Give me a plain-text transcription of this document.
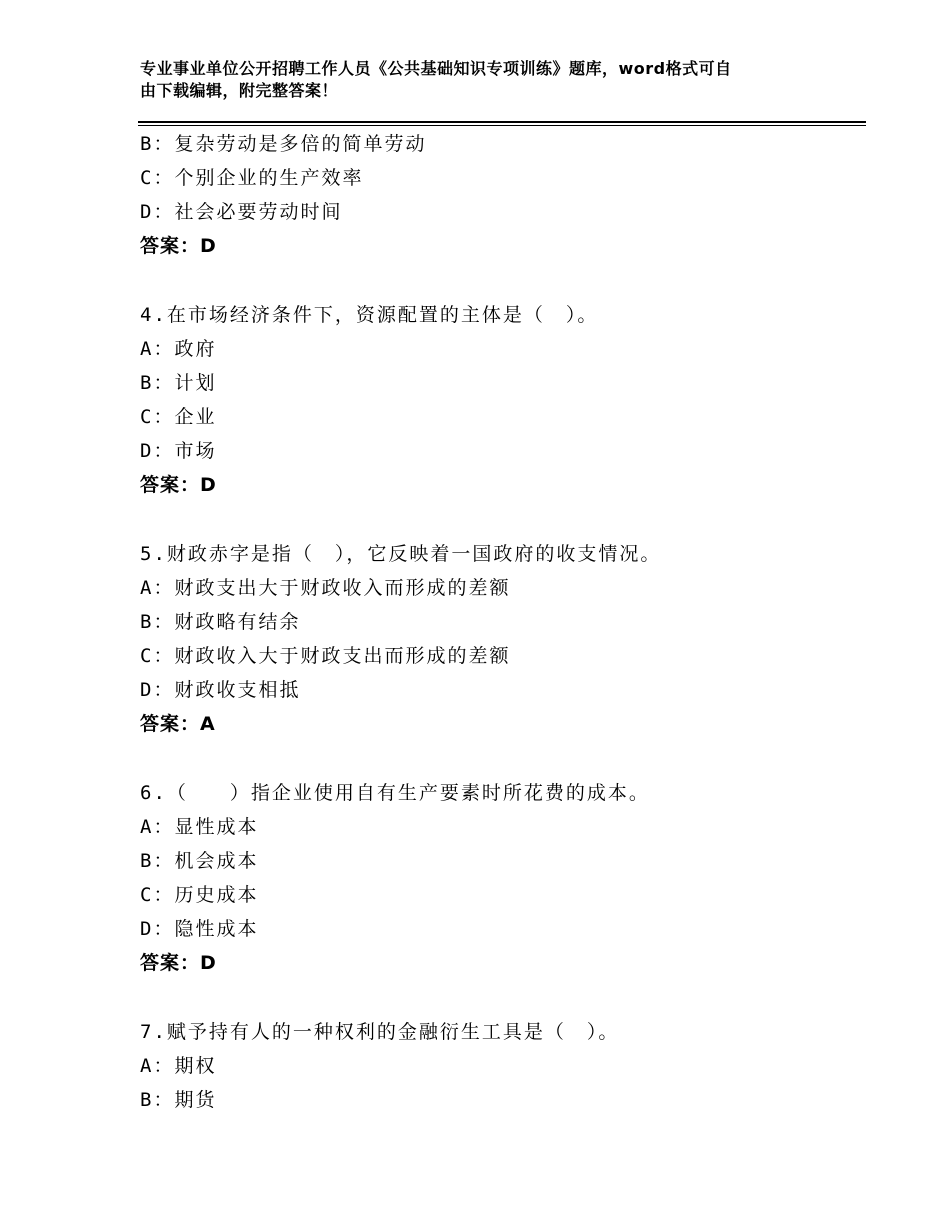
专业事业单位公开招聘工作人员《公共基础知识专项训练》题库，word格式可自
由下载编辑，附完整答案！
B：复杂劳动是多倍的简单劳动
C：个别企业的生产效率
D：社会必要劳动时间
答案：D
4.在市场经济条件下，资源配置的主体是（　）。
A：政府
B：计划
C：企业
D：市场
答案：D
5.财政赤字是指（　），它反映着一国政府的收支情况。
A：财政支出大于财政收入而形成的差额
B：财政略有结余
C：财政收入大于财政支出而形成的差额
D：财政收支相抵
答案：A
6.（　　）指企业使用自有生产要素时所花费的成本。
A：显性成本
B：机会成本
C：历史成本
D：隐性成本
答案：D
7.赋予持有人的一种权利的金融衍生工具是（　）。
A：期权
B：期货
